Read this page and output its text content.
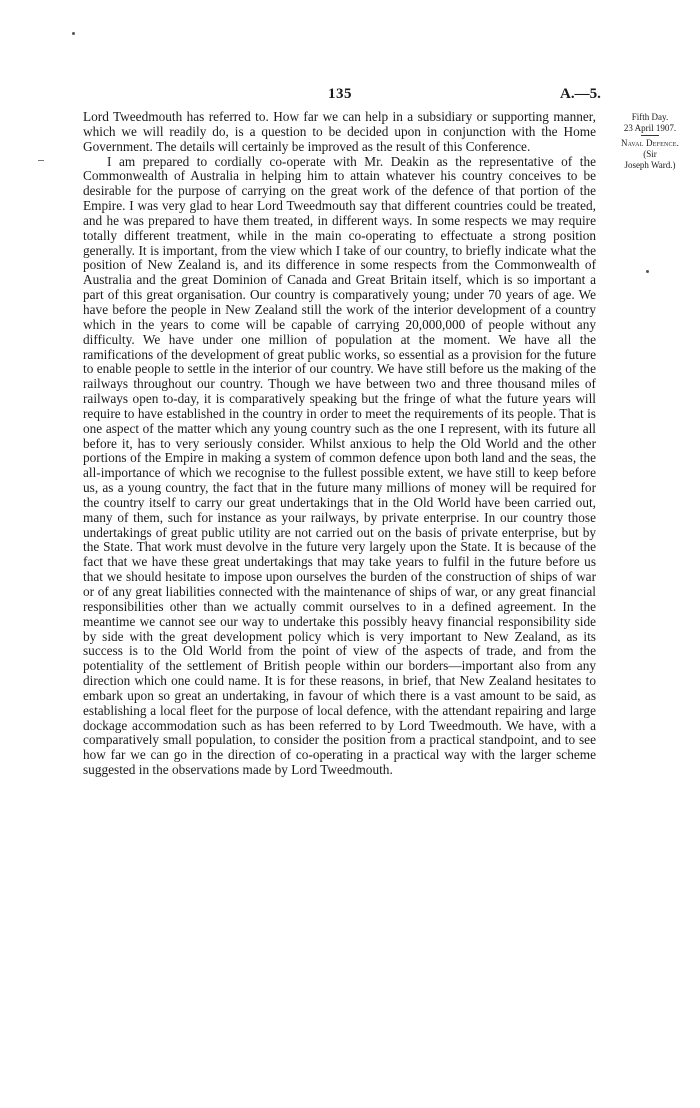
135	A.—5.
Fifth Day.
23 April 1907.
Naval Defence.
(Sir
Joseph Ward.)

Lord Tweedmouth has referred to. How far we can help in a subsidiary or supporting manner, which we will readily do, is a question to be decided upon in conjunction with the Home Government. The details will certainly be improved as the result of this Conference.

I am prepared to cordially co-operate with Mr. Deakin as the representative of the Commonwealth of Australia in helping him to attain whatever his country conceives to be desirable for the purpose of carrying on the great work of the defence of that portion of the Empire. I was very glad to hear Lord Tweedmouth say that different countries could be treated, and he was prepared to have them treated, in different ways. In some respects we may require totally different treatment, while in the main co-operating to effectuate a strong position generally. It is important, from the view which I take of our country, to briefly indicate what the position of New Zealand is, and its difference in some respects from the Commonwealth of Australia and the great Dominion of Canada and Great Britain itself, which is so important a part of this great organisation. Our country is comparatively young; under 70 years of age. We have before the people in New Zealand still the work of the interior development of a country which in the years to come will be capable of carrying 20,000,000 of people without any difficulty. We have under one million of population at the moment. We have all the ramifications of the development of great public works, so essential as a provision for the future to enable people to settle in the interior of our country. We have still before us the making of the railways throughout our country. Though we have between two and three thousand miles of railways open to-day, it is comparatively speaking but the fringe of what the future years will require to have established in the country in order to meet the requirements of its people. That is one aspect of the matter which any young country such as the one I represent, with its future all before it, has to very seriously consider. Whilst anxious to help the Old World and the other portions of the Empire in making a system of common defence upon both land and the seas, the all-importance of which we recognise to the fullest possible extent, we have still to keep before us, as a young country, the fact that in the future many millions of money will be required for the country itself to carry our great undertakings that in the Old World have been carried out, many of them, such for instance as your railways, by private enterprise. In our country those undertakings of great public utility are not carried out on the basis of private enterprise, but by the State. That work must devolve in the future very largely upon the State. It is because of the fact that we have these great undertakings that may take years to fulfil in the future before us that we should hesitate to impose upon ourselves the burden of the construction of ships of war or of any great liabilities connected with the maintenance of ships of war, or any great financial responsibilities other than we actually commit ourselves to in a defined agreement. In the meantime we cannot see our way to undertake this possibly heavy financial responsibility side by side with the great development policy which is very important to New Zealand, as its success is to the Old World from the point of view of the aspects of trade, and from the potentiality of the settlement of British people within our borders—important also from any direction which one could name. It is for these reasons, in brief, that New Zealand hesitates to embark upon so great an undertaking, in favour of which there is a vast amount to be said, as establishing a local fleet for the purpose of local defence, with the attendant repairing and large dockage accommodation such as has been referred to by Lord Tweedmouth. We have, with a comparatively small population, to consider the position from a practical standpoint, and to see how far we can go in the direction of co-operating in a practical way with the larger scheme suggested in the observations made by Lord Tweedmouth.
